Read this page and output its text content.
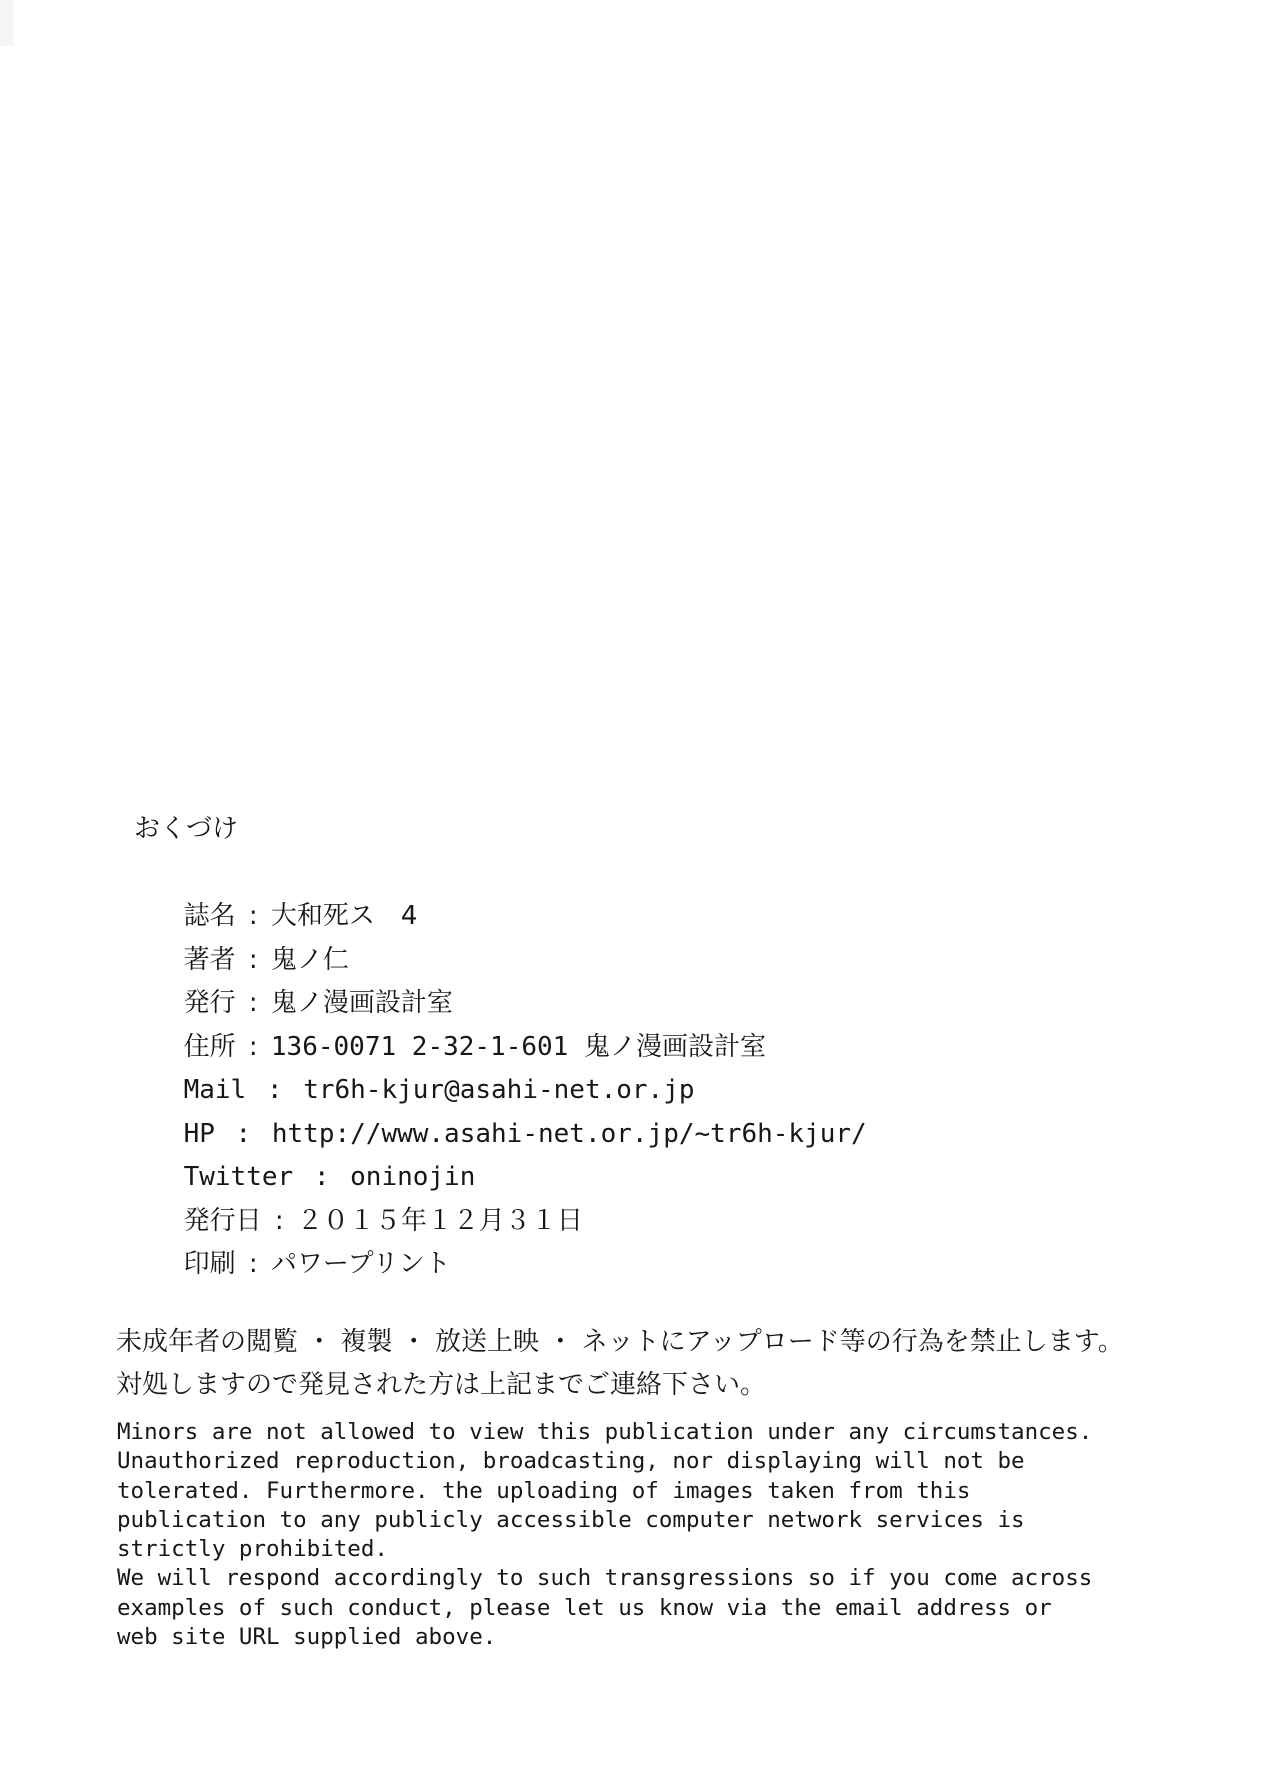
おくづけ

誌名 : 大和死ス　4

著者 : 鬼ノ仁

発行 : 鬼ノ漫画設計室

住所 : 136-0071 2-32-1-601 鬼ノ漫画設計室

Mail : tr6h-kjur@asahi-net.or.jp

HP : http://www.asahi-net.or.jp/~tr6h-kjur/

Twitter : oninojin

発行日 : ２０１５年１２月３１日

印刷 : パワープリント

未成年者の閲覧 ・ 複製 ・ 放送上映 ・ ネットにアップロード等の行為を禁止します。
対処しますので発見された方は上記までご連絡下さい。
Minors are not allowed to view this publication under any circumstances.
Unauthorized reproduction, broadcasting, nor displaying will not be
tolerated. Furthermore. the uploading of images taken from this
publication to any publicly accessible computer network services is
strictly prohibited.
We will respond accordingly to such transgressions so if you come across
examples of such conduct, please let us know via the email address or
web site URL supplied above.
